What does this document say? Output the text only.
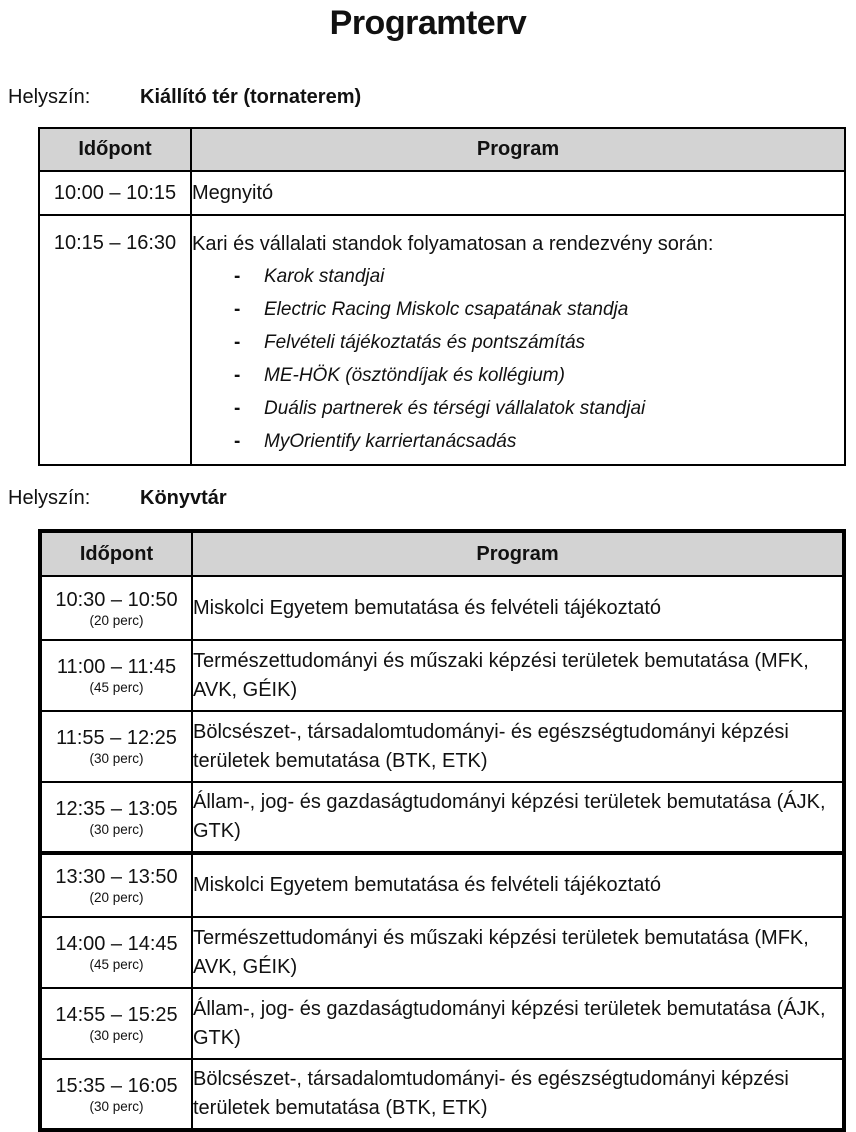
Programterv
Helyszín:	Kiállító tér (tornaterem)
Időpont	Program
10:00 – 10:15	Megnyitó
10:15 – 16:30	Kari és vállalati standok folyamatosan a rendezvény során:
-	Karok standjai
-	Electric Racing Miskolc csapatának standja
-	Felvételi tájékoztatás és pontszámítás
-	ME-HÖK (ösztöndíjak és kollégium)
-	Duális partnerek és térségi vállalatok standjai
-	MyOrientify karriertanácsadás
Helyszín:	Könyvtár
Időpont	Program

10:30 – 10:50
(20 perc)	Miskolci Egyetem bemutatása és felvételi tájékoztató

11:00 – 11:45
(45 perc)	Természettudományi és műszaki képzési területek bemutatása (MFK, AVK, GÉIK)

11:55 – 12:25
(30 perc)	Bölcsészet-, társadalomtudományi- és egészségtudományi képzési területek bemutatása (BTK, ETK)

12:35 – 13:05
(30 perc)	Állam-, jog- és gazdaságtudományi képzési területek bemutatása (ÁJK, GTK)

13:30 – 13:50
(20 perc)	Miskolci Egyetem bemutatása és felvételi tájékoztató

14:00 – 14:45
(45 perc)	Természettudományi és műszaki képzési területek bemutatása (MFK, AVK, GÉIK)

14:55 – 15:25
(30 perc)	Állam-, jog- és gazdaságtudományi képzési területek bemutatása (ÁJK, GTK)

15:35 – 16:05
(30 perc)	Bölcsészet-, társadalomtudományi- és egészségtudományi képzési területek bemutatása (BTK, ETK)
